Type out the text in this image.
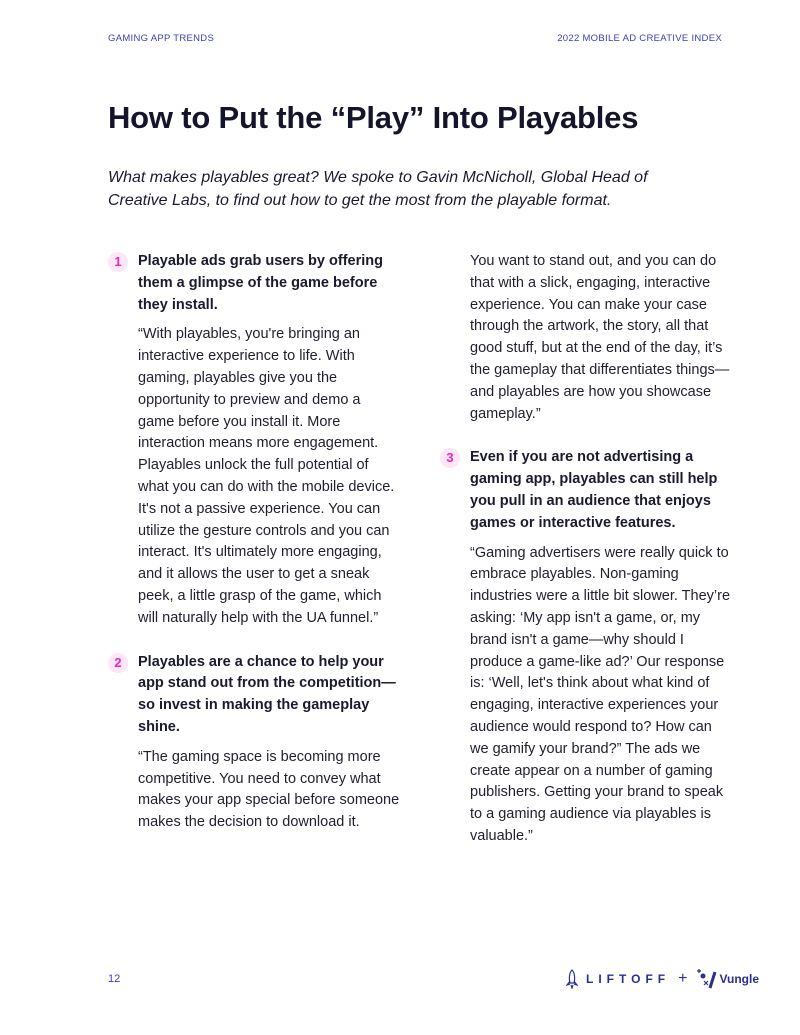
GAMING APP TRENDS	2022 MOBILE AD CREATIVE INDEX
How to Put the “Play” Into Playables

What makes playables great? We spoke to Gavin McNicholl, Global Head of Creative Labs, to find out how to get the most from the playable format.

1	Playable ads grab users by offering them a glimpse of the game before they install.
“With playables, you're bringing an interactive experience to life. With gaming, playables give you the opportunity to preview and demo a game before you install it. More interaction means more engagement. Playables unlock the full potential of what you can do with the mobile device. It's not a passive experience. You can utilize the gesture controls and you can interact. It's ultimately more engaging, and it allows the user to get a sneak peek, a little grasp of the game, which will naturally help with the UA funnel.”
2	Playables are a chance to help your app stand out from the competition—so invest in making the gameplay shine.
“The gaming space is becoming more competitive. You need to convey what makes your app special before someone makes the decision to download it.
You want to stand out, and you can do that with a slick, engaging, interactive experience. You can make your case through the artwork, the story, all that good stuff, but at the end of the day, it’s the gameplay that differentiates things—and playables are how you showcase gameplay.”
3	Even if you are not advertising a gaming app, playables can still help you pull in an audience that enjoys games or interactive features.
“Gaming advertisers were really quick to embrace playables. Non-gaming industries were a little bit slower. They’re asking: ‘My app isn't a game, or, my brand isn't a game—why should I produce a game-like ad?’ Our response is: ‘Well, let's think about what kind of engaging, interactive experiences your audience would respond to? How can we gamify your brand?” The ads we create appear on a number of gaming publishers. Getting your brand to speak to a gaming audience via playables is valuable.”
12	LIFTOFF +	Vungle
